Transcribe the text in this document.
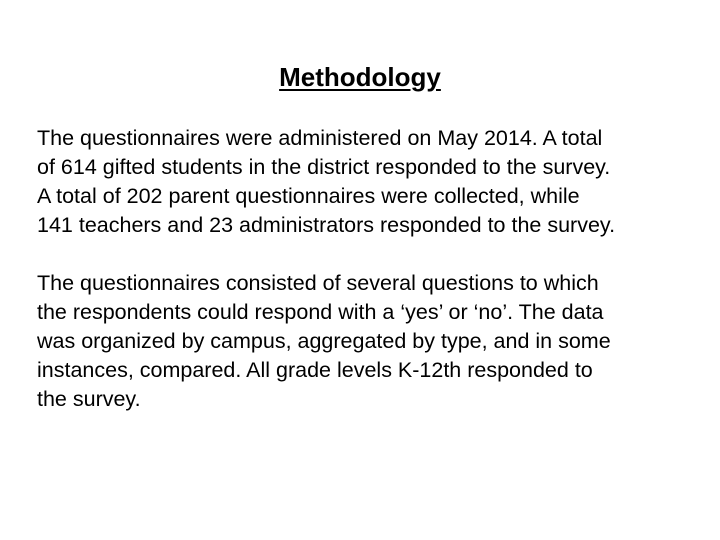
Methodology

The questionnaires were administered on May 2014. A total
of 614 gifted students in the district responded to the survey.
A total of 202 parent questionnaires were collected, while
141 teachers and 23 administrators responded to the survey.

The questionnaires consisted of several questions to which
the respondents could respond with a ‘yes’ or ‘no’. The data
was organized by campus, aggregated by type, and in some
instances, compared. All grade levels K-12th responded to
the survey.
